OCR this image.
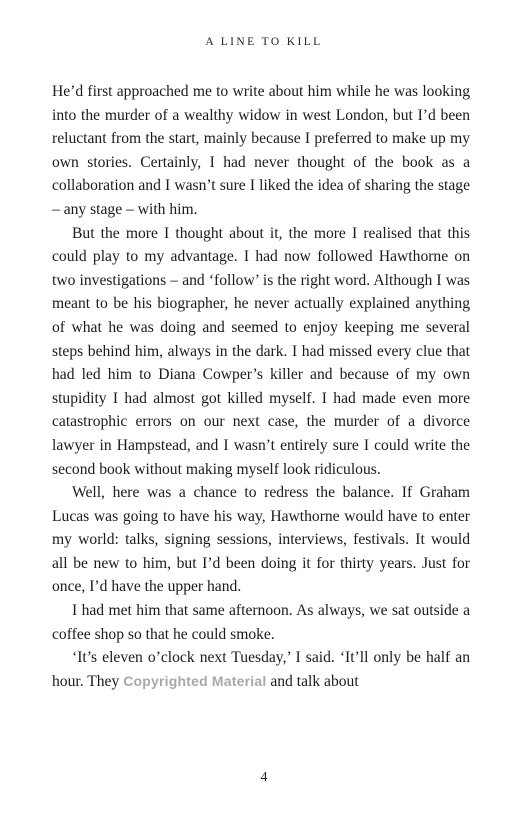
A LINE TO KILL

He’d first approached me to write about him while he was looking into the murder of a wealthy widow in west London, but I’d been reluctant from the start, mainly because I preferred to make up my own stories. Certainly, I had never thought of the book as a collaboration and I wasn’t sure I liked the idea of sharing the stage – any stage – with him.

But the more I thought about it, the more I realised that this could play to my advantage. I had now followed Hawthorne on two investigations – and ‘follow’ is the right word. Although I was meant to be his biographer, he never actually explained anything of what he was doing and seemed to enjoy keeping me several steps behind him, always in the dark. I had missed every clue that had led him to Diana Cowper’s killer and because of my own stupidity I had almost got killed myself. I had made even more catastrophic errors on our next case, the murder of a divorce lawyer in Hampstead, and I wasn’t entirely sure I could write the second book without making myself look ridiculous.

Well, here was a chance to redress the balance. If Graham Lucas was going to have his way, Hawthorne would have to enter my world: talks, signing sessions, interviews, festivals. It would all be new to him, but I’d been doing it for thirty years. Just for once, I’d have the upper hand.

I had met him that same afternoon. As always, we sat outside a coffee shop so that he could smoke.

‘It’s eleven o’clock next Tuesday,’ I said. ‘It’ll only be half an hour. They Copyrighted Material and talk about

4
